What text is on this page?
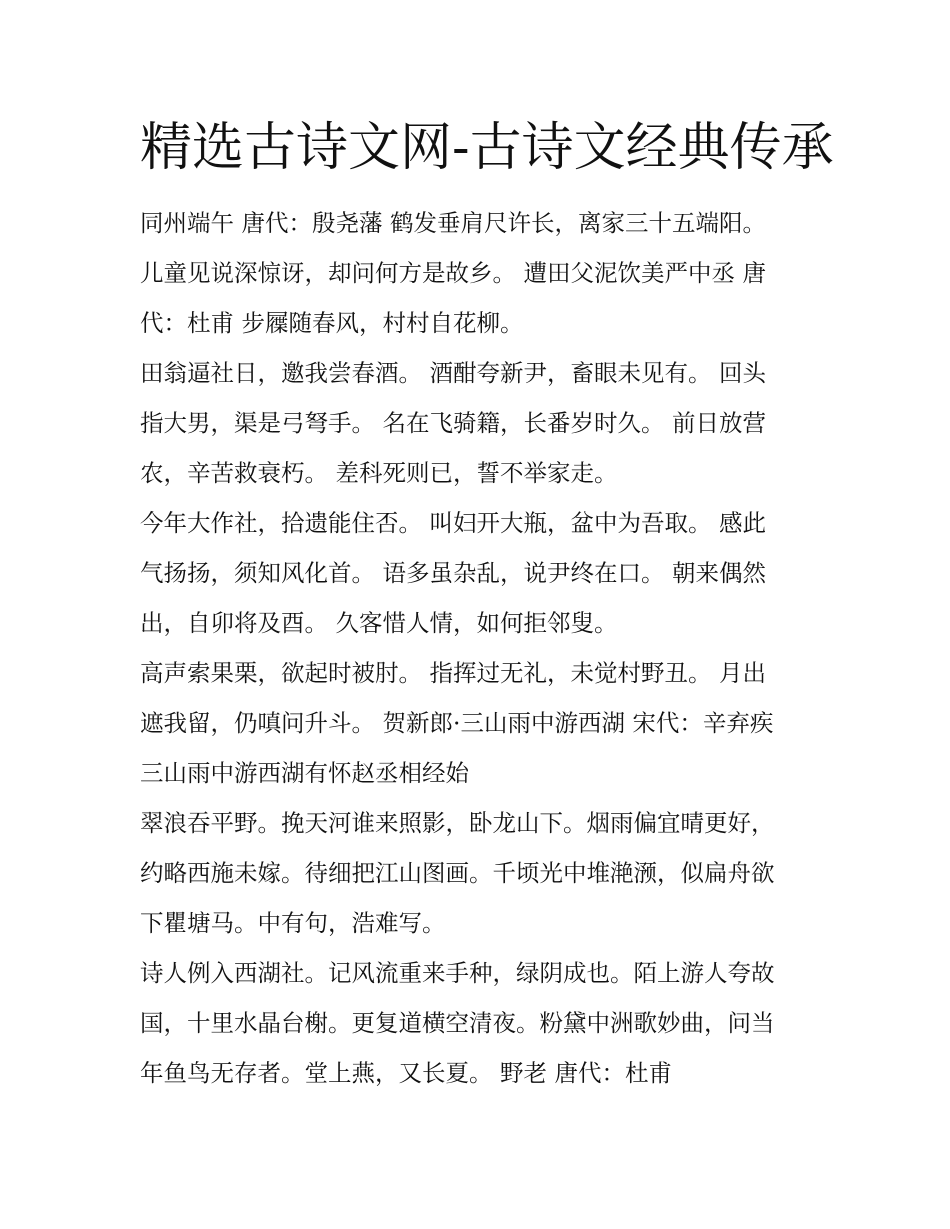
精选古诗文网-古诗文经典传承

同州端午 唐代：殷尧藩 鹤发垂肩尺许长，离家三十五端阳。
儿童见说深惊讶，却问何方是故乡。 遭田父泥饮美严中丞 唐
代：杜甫 步屧随春风，村村自花柳。

田翁逼社日，邀我尝春酒。 酒酣夸新尹，畜眼未见有。 回头
指大男，渠是弓弩手。 名在飞骑籍，长番岁时久。 前日放营
农，辛苦救衰朽。 差科死则已，誓不举家走。

今年大作社，拾遗能住否。 叫妇开大瓶，盆中为吾取。 感此
气扬扬，须知风化首。 语多虽杂乱，说尹终在口。 朝来偶然
出，自卯将及酉。 久客惜人情，如何拒邻叟。

高声索果栗，欲起时被肘。 指挥过无礼，未觉村野丑。 月出
遮我留，仍嗔问升斗。 贺新郎·三山雨中游西湖 宋代：辛弃疾
三山雨中游西湖有怀赵丞相经始

翠浪吞平野。挽天河谁来照影，卧龙山下。烟雨偏宜晴更好，
约略西施未嫁。待细把江山图画。千顷光中堆滟滪，似扁舟欲
下瞿塘马。中有句，浩难写。

诗人例入西湖社。记风流重来手种，绿阴成也。陌上游人夸故
国，十里水晶台榭。更复道横空清夜。粉黛中洲歌妙曲，问当
年鱼鸟无存者。堂上燕，又长夏。 野老 唐代：杜甫
